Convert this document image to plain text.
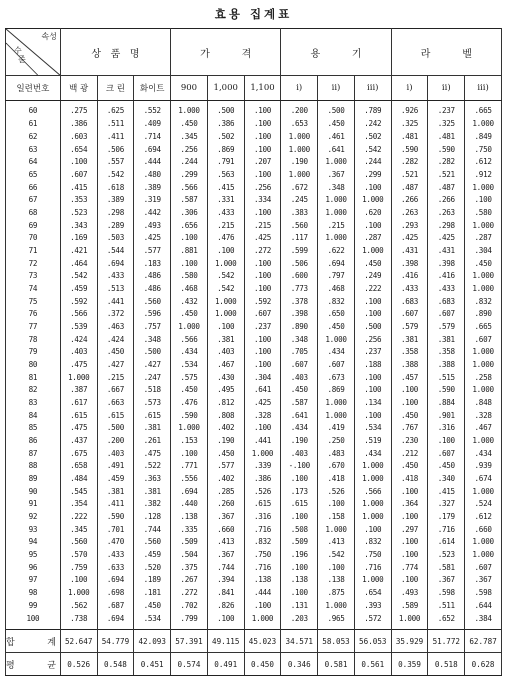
효용 집계표
속성
수
준	상   품   명			가          격			용          기			라          벨		
일련번호	백 광	크 린	화이트	900	1,000	1,100	i)	ii)	iii)	i)	ii)	iii)
60	.275	.625	.552	1.000	.500	.100	.200	.500	.789	.926	.237	.665
61	.386	.511	.409	.450	.386	.100	.653	.450	.242	.325	.325	1.000
62	.603	.411	.714	.345	.502	.100	1.000	.461	.502	.481	.481	.849
63	.654	.506	.694	.256	.869	.100	1.000	.641	.542	.590	.590	.750
64	.100	.557	.444	.244	.791	.207	.190	1.000	.244	.282	.282	.612
65	.607	.542	.480	.299	.563	.100	1.000	.367	.299	.521	.521	.912
66	.415	.618	.389	.566	.415	.256	.672	.348	.100	.487	.487	1.000
67	.353	.389	.319	.587	.331	.334	.245	1.000	1.000	.266	.266	.100
68	.523	.298	.442	.306	.433	.100	.383	1.000	.620	.263	.263	.580
69	.343	.289	.493	.656	.215	.215	.560	.215	.100	.293	.298	1.000
70	.169	.503	.425	.100	.476	.425	.117	1.000	.287	.425	.425	.287
71	.421	.544	.577	.881	.100	.272	.599	.622	1.000	.431	.431	.304
72	.464	.694	.183	.100	1.000	.100	.506	.694	.450	.398	.398	.450
73	.542	.433	.486	.580	.542	.100	.600	.797	.249	.416	.416	1.000
74	.459	.513	.486	.468	.542	.100	.773	.468	.222	.433	.433	1.000
75	.592	.441	.560	.432	1.000	.592	.378	.832	.100	.683	.683	.832
76	.566	.372	.596	.450	1.000	.607	.398	.650	.100	.607	.607	.890
77	.539	.463	.757	1.000	.100	.237	.890	.450	.500	.579	.579	.665
78	.424	.424	.348	.566	.381	.100	.348	1.000	.256	.381	.381	.607
79	.403	.450	.500	.434	.403	.100	.705	.434	.237	.358	.358	1.000
80	.475	.427	.427	.534	.467	.100	.607	.607	.188	.388	.388	1.000
81	1.000	.215	.247	.575	.430	.304	.403	.673	.100	.457	.515	.258
82	.387	.667	.518	.450	.495	.641	.450	.869	.100	.100	.590	1.000
83	.617	.663	.573	.476	.812	.425	.587	1.000	.134	.100	.884	.848
84	.615	.615	.615	.590	.808	.328	.641	1.000	.100	.450	.901	.328
85	.475	.500	.381	1.000	.402	.100	.434	.419	.534	.767	.316	.467
86	.437	.200	.261	.153	.190	.441	.190	.250	.519	.230	.100	1.000
87	.675	.403	.475	.100	.450	1.000	.403	.483	.434	.212	.607	.434
88	.658	.491	.522	.771	.577	.339	-.100	.670	1.000	.450	.450	.939
89	.484	.459	.363	.556	.402	.386	.100	.418	1.000	.418	.340	.674
90	.545	.381	.381	.694	.285	.526	.173	.526	.566	.100	.415	1.000
91	.354	.411	.382	.440	.260	.615	.615	.100	1.000	.364	.327	.524
92	.222	.590	.128	.138	.367	.316	.100	.158	1.000	.100	.179	.612
93	.345	.701	.744	.335	.660	.716	.508	1.000	.100	.297	.716	.660
94	.560	.470	.560	.509	.413	.832	.509	.413	.832	.100	.614	1.000
95	.570	.433	.459	.504	.367	.750	.196	.542	.750	.100	.523	1.000
96	.759	.633	.520	.375	.744	.716	.100	.100	.716	.774	.581	.607
97	.100	.694	.189	.267	.394	.138	.138	.138	1.000	.100	.367	.367
98	1.000	.698	.181	.272	.841	.444	.100	.875	.654	.493	.598	.598
99	.562	.687	.450	.702	.826	.100	.131	1.000	.393	.589	.511	.644
100	.738	.694	.534	.799	.100	1.000	.203	.965	.572	1.000	.652	.384
합   계	52.647	54.779	42.093	57.391	49.115	45.023	34.571	58.053	56.053	35.929	51.772	62.787
평   균	0.526	0.548	0.451	0.574	0.491	0.450	0.346	0.581	0.561	0.359	0.518	0.628
